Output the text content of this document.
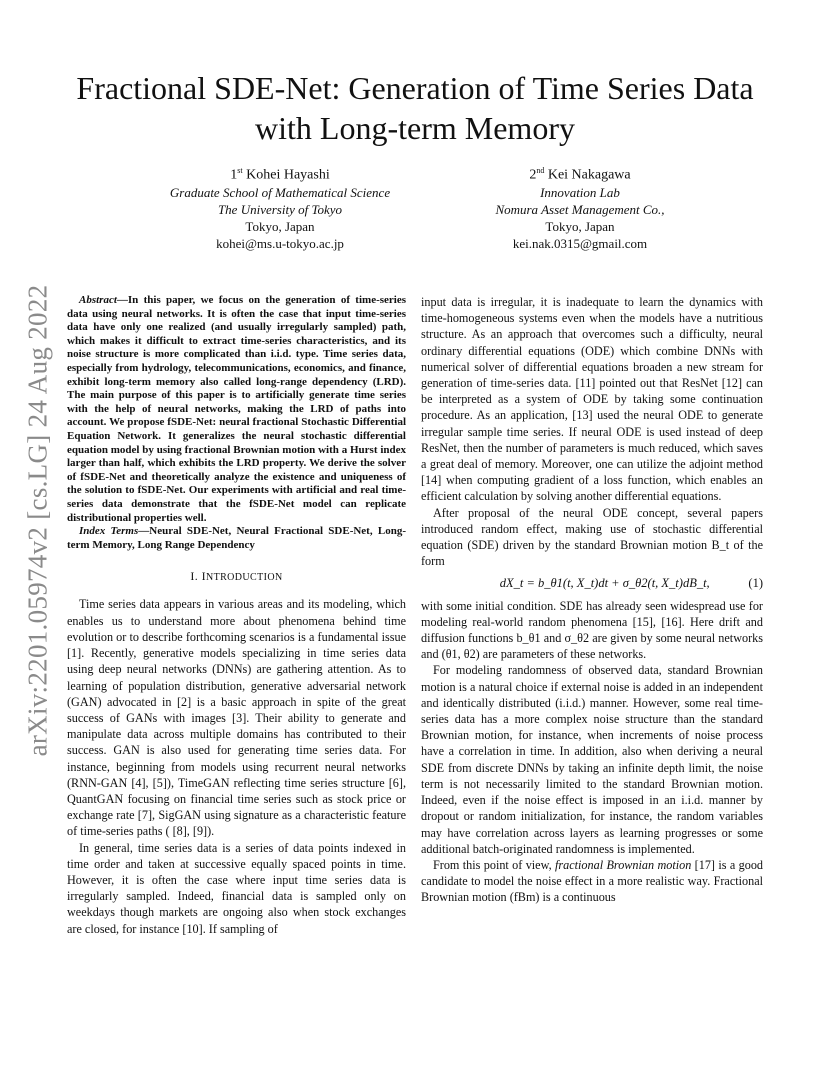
arXiv:2201.05974v2 [cs.LG] 24 Aug 2022
Fractional SDE-Net: Generation of Time Series Data with Long-term Memory
1st Kohei Hayashi
Graduate School of Mathematical Science
The University of Tokyo
Tokyo, Japan
kohei@ms.u-tokyo.ac.jp
2nd Kei Nakagawa
Innovation Lab
Nomura Asset Management Co.,
Tokyo, Japan
kei.nak.0315@gmail.com

Abstract—In this paper, we focus on the generation of time-series data using neural networks. It is often the case that input time-series data have only one realized (and usually irregularly sampled) path, which makes it difficult to extract time-series characteristics, and its noise structure is more complicated than i.i.d. type. Time series data, especially from hydrology, telecommunications, economics, and finance, exhibit long-term memory also called long-range dependency (LRD). The main purpose of this paper is to artificially generate time series with the help of neural networks, making the LRD of paths into account. We propose fSDE-Net: neural fractional Stochastic Differential Equation Network. It generalizes the neural stochastic differential equation model by using fractional Brownian motion with a Hurst index larger than half, which exhibits the LRD property. We derive the solver of fSDE-Net and theoretically analyze the existence and uniqueness of the solution to fSDE-Net. Our experiments with artificial and real time-series data demonstrate that the fSDE-Net model can replicate distributional properties well.

Index Terms—Neural SDE-Net, Neural Fractional SDE-Net, Long-term Memory, Long Range Dependency

I. INTRODUCTION

Time series data appears in various areas and its modeling, which enables us to understand more about phenomena behind time evolution or to describe forthcoming scenarios is a fundamental issue [1]. Recently, generative models specializing in time series data using deep neural networks (DNNs) are gathering attention. As to learning of population distribution, generative adversarial network (GAN) advocated in [2] is a basic approach in spite of the great success of GANs with images [3]. Their ability to generate and manipulate data across multiple domains has contributed to their success. GAN is also used for generating time series data. For instance, beginning from models using recurrent neural networks (RNN-GAN [4], [5]), TimeGAN reflecting time series structure [6], QuantGAN focusing on financial time series such as stock price or exchange rate [7], SigGAN using signature as a characteristic feature of time-series paths ( [8], [9]).

In general, time series data is a series of data points indexed in time order and taken at successive equally spaced points in time. However, it is often the case where input time series data is irregularly sampled. Indeed, financial data is sampled only on weekdays though markets are ongoing also when stock exchanges are closed, for instance [10]. If sampling of

input data is irregular, it is inadequate to learn the dynamics with time-homogeneous systems even when the models have a nutritious structure. As an approach that overcomes such a difficulty, neural ordinary differential equations (ODE) which combine DNNs with numerical solver of differential equations broaden a new stream for generation of time-series data. [11] pointed out that ResNet [12] can be interpreted as a system of ODE by taking some continuation procedure. As an application, [13] used the neural ODE to generate irregular sample time series. If neural ODE is used instead of deep ResNet, then the number of parameters is much reduced, which saves a great deal of memory. Moreover, one can utilize the adjoint method [14] when computing gradient of a loss function, which enables an efficient calculation by solving another differential equations.

After proposal of the neural ODE concept, several papers introduced random effect, making use of stochastic differential equation (SDE) driven by the standard Brownian motion B_t of the form

dX_t = b_θ1(t, X_t)dt + σ_θ2(t, X_t)dB_t,	(1)

with some initial condition. SDE has already seen widespread use for modeling real-world random phenomena [15], [16]. Here drift and diffusion functions b_θ1 and σ_θ2 are given by some neural networks and (θ1, θ2) are parameters of these networks.

For modeling randomness of observed data, standard Brownian motion is a natural choice if external noise is added in an independent and identically distributed (i.i.d.) manner. However, some real time-series data has a more complex noise structure than the standard Brownian motion, for instance, when increments of noise process have a correlation in time. In addition, also when deriving a neural SDE from discrete DNNs by taking an infinite depth limit, the noise term is not necessarily limited to the standard Brownian motion. Indeed, even if the noise effect is imposed in an i.i.d. manner by dropout or random initialization, for instance, the random variables may have correlation across layers as learning progresses or some additional batch-originated randomness is implemented.

From this point of view, fractional Brownian motion [17] is a good candidate to model the noise effect in a more realistic way. Fractional Brownian motion (fBm) is a continuous
